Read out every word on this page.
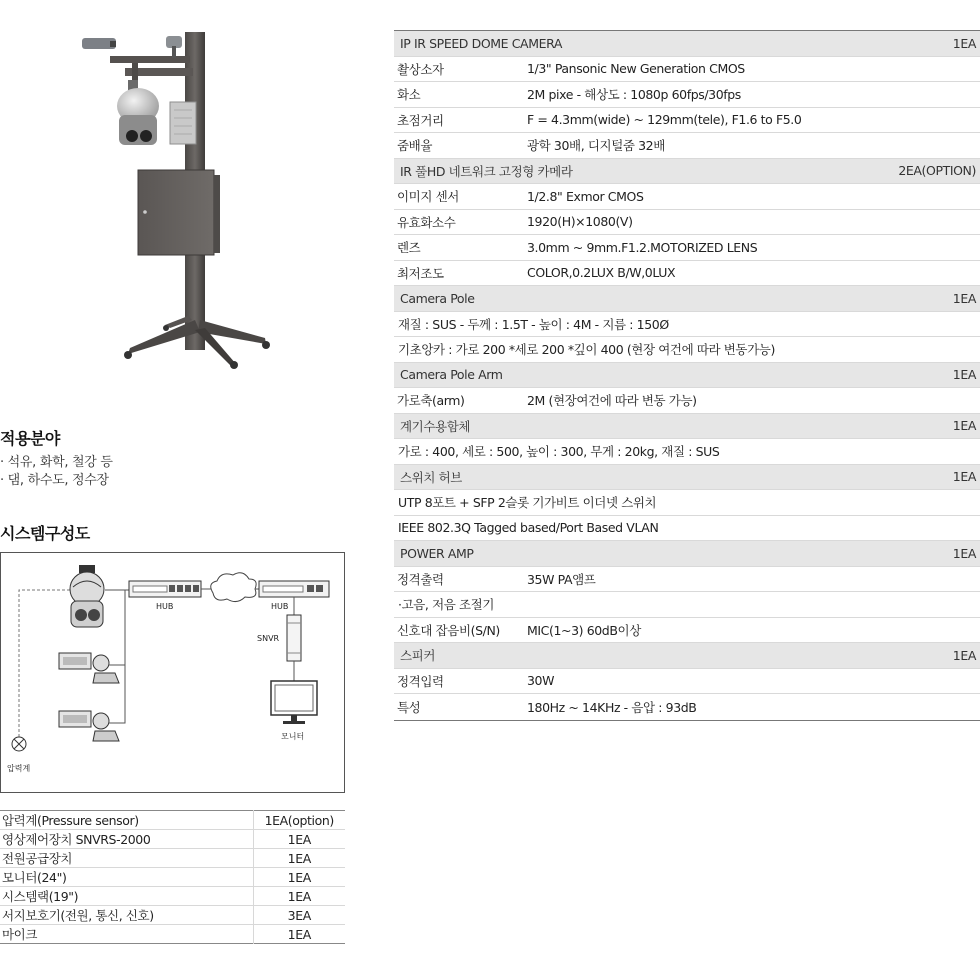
적용분야
· 석유, 화학, 철강 등
· 댐, 하수도, 정수장
시스템구성도
HUB	HUB
SNVR
모니터
압력계
압력계(Pressure sensor)	1EA(option)
영상제어장치 SNVRS-2000	1EA
전원공급장치	1EA
모니터(24")	1EA
시스템랙(19")	1EA
서지보호기(전원, 통신, 신호)	3EA
마이크	1EA
IP IR SPEED DOME CAMERA	1EA
촬상소자	1/3" Pansonic New Generation CMOS
화소	2M pixe - 해상도 : 1080p 60fps/30fps
초점거리	F = 4.3mm(wide) ~ 129mm(tele), F1.6 to F5.0
줌배율	광학 30배, 디지털줌 32배
IR 풀HD 네트워크 고정형 카메라	2EA(OPTION)
이미지 센서	1/2.8" Exmor CMOS
유효화소수	1920(H)×1080(V)
렌즈	3.0mm ~ 9mm.F1.2.MOTORIZED LENS
최저조도	COLOR,0.2LUX B/W,0LUX
Camera Pole	1EA
재질 : SUS - 두께 : 1.5T - 높이 : 4M - 지름 : 150Ø
기초앙카 : 가로 200 *세로 200 *깊이 400 (현장 여건에 따라 변동가능)
Camera Pole Arm	1EA
가로축(arm)	2M (현장여건에 따라 변동 가능)
계기수용함체	1EA
가로 : 400, 세로 : 500, 높이 : 300, 무게 : 20kg, 재질 : SUS
스위치 허브	1EA
UTP 8포트 + SFP 2슬롯 기가비트 이더넷 스위치
IEEE 802.3Q Tagged based/Port Based VLAN
POWER AMP	1EA
정격출력	35W PA앰프
·고음, 저음 조절기
신호대 잡음비(S/N)	MIC(1~3) 60dB이상
스피커	1EA
정격입력	30W
특성	180Hz ~ 14KHz - 음압 : 93dB
